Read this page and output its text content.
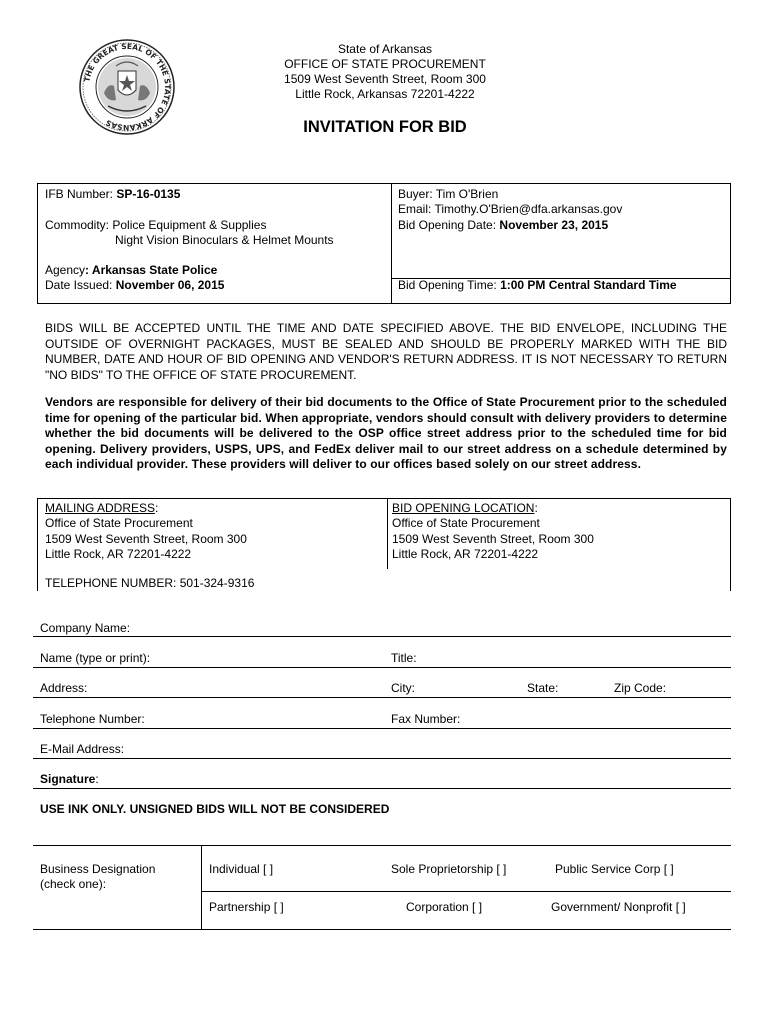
THE GREAT SEAL OF THE STATE OF ARKANSAS
State of Arkansas
OFFICE OF STATE PROCUREMENT
1509 West Seventh Street, Room 300
Little Rock, Arkansas 72201-4222
INVITATION FOR BID
IFB Number: SP-16-0135
Commodity: Police Equipment & Supplies
Night Vision Binoculars & Helmet Mounts
Agency: Arkansas State Police
Date Issued: November 06, 2015
Buyer: Tim O'Brien
Email: Timothy.O'Brien@dfa.arkansas.gov
Bid Opening Date: November 23, 2015
Bid Opening Time: 1:00 PM Central Standard Time
BIDS WILL BE ACCEPTED UNTIL THE TIME AND DATE SPECIFIED ABOVE. THE BID ENVELOPE, INCLUDING THE OUTSIDE OF OVERNIGHT PACKAGES, MUST BE SEALED AND SHOULD BE PROPERLY MARKED WITH THE BID NUMBER, DATE AND HOUR OF BID OPENING AND VENDOR'S RETURN ADDRESS. IT IS NOT NECESSARY TO RETURN "NO BIDS" TO THE OFFICE OF STATE PROCUREMENT.
Vendors are responsible for delivery of their bid documents to the Office of State Procurement prior to the scheduled time for opening of the particular bid. When appropriate, vendors should consult with delivery providers to determine whether the bid documents will be delivered to the OSP office street address prior to the scheduled time for bid opening. Delivery providers, USPS, UPS, and FedEx deliver mail to our street address on a schedule determined by each individual provider. These providers will deliver to our offices based solely on our street address.
MAILING ADDRESS:
Office of State Procurement
1509 West Seventh Street, Room 300
Little Rock, AR 72201-4222
TELEPHONE NUMBER: 501-324-9316
BID OPENING LOCATION:
Office of State Procurement
1509 West Seventh Street, Room 300
Little Rock, AR 72201-4222
Company Name:
Name (type or print):	Title:
Address:	City:	State:	Zip Code:
Telephone Number:	Fax Number:
E-Mail Address:
Signature:
USE INK ONLY. UNSIGNED BIDS WILL NOT BE CONSIDERED
Business Designation
(check one):
Individual [ ]	Sole Proprietorship [ ]	Public Service Corp [ ]
Partnership [ ]	Corporation [ ]	Government/ Nonprofit [ ]
